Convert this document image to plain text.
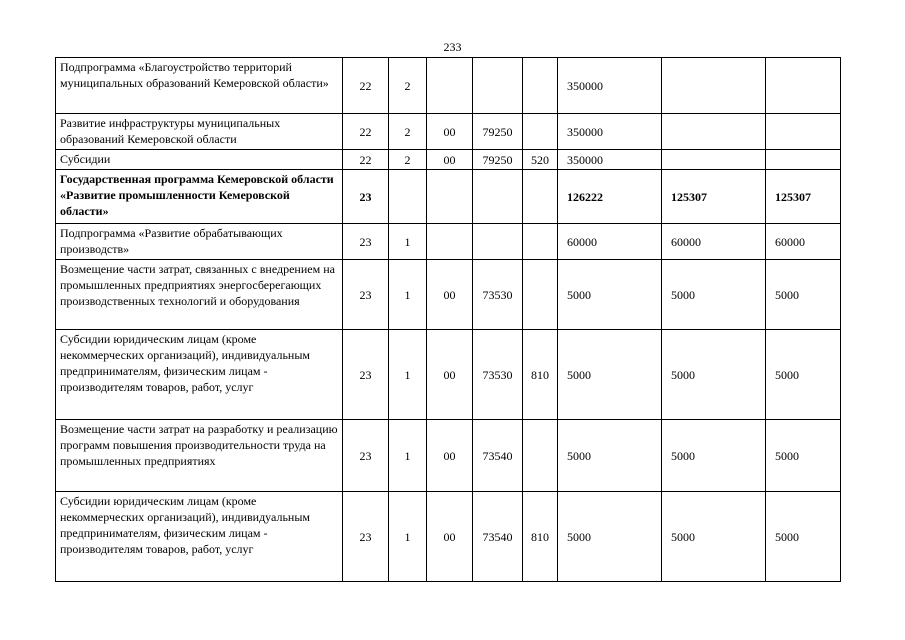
233
Подпрограмма «Благоустройство территорий муниципальных образований Кемеровской области»	22	2				350000		
Развитие инфраструктуры муниципальных образований Кемеровской области	22	2	00	79250		350000		
Субсидии	22	2	00	79250	520	350000		
Государственная программа Кемеровской области «Развитие промышленности Кемеровской области»	23					126222	125307	125307
Подпрограмма «Развитие обрабатывающих производств»	23	1				60000	60000	60000
Возмещение части затрат, связанных с внедрением на промышленных предприятиях энергосберегающих производственных технологий и оборудования	23	1	00	73530		5000	5000	5000
Субсидии юридическим лицам (кроме некоммерческих организаций), индивидуальным предпринимателям, физическим лицам - производителям товаров, работ, услуг	23	1	00	73530	810	5000	5000	5000
Возмещение части затрат на разработку и реализацию программ повышения производительности труда на промышленных предприятиях	23	1	00	73540		5000	5000	5000
Субсидии юридическим лицам (кроме некоммерческих организаций), индивидуальным предпринимателям, физическим лицам - производителям товаров, работ, услуг	23	1	00	73540	810	5000	5000	5000
